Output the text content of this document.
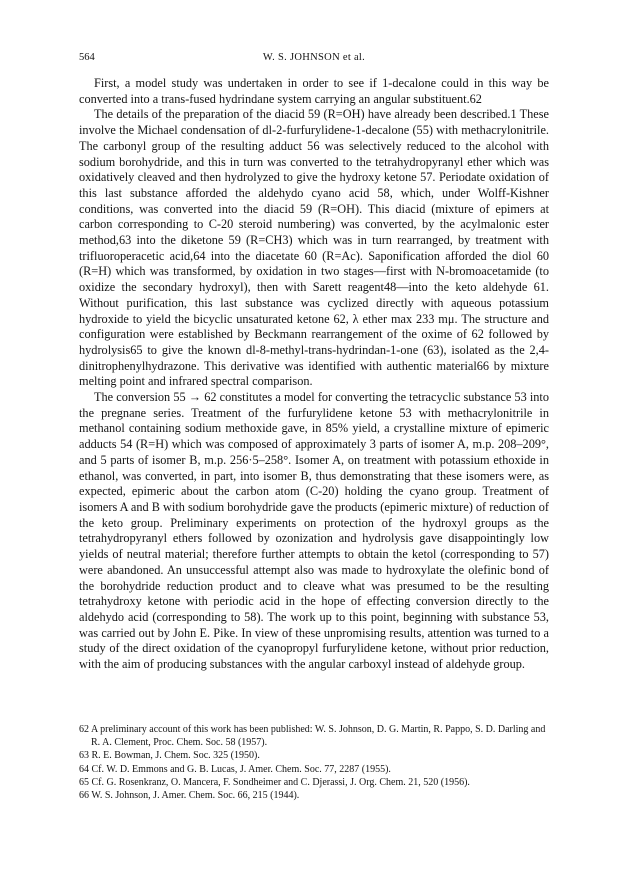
564	W. S. JOHNSON et al.

First, a model study was undertaken in order to see if 1-decalone could in this way be converted into a trans-fused hydrindane system carrying an angular substituent.62

The details of the preparation of the diacid 59 (R=OH) have already been described.1 These involve the Michael condensation of dl-2-furfurylidene-1-decalone (55) with methacrylonitrile. The carbonyl group of the resulting adduct 56 was selectively reduced to the alcohol with sodium borohydride, and this in turn was converted to the tetrahydropyranyl ether which was oxidatively cleaved and then hydrolyzed to give the hydroxy ketone 57. Periodate oxidation of this last substance afforded the aldehydo cyano acid 58, which, under Wolff-Kishner conditions, was converted into the diacid 59 (R=OH). This diacid (mixture of epimers at carbon corresponding to C-20 steroid numbering) was converted, by the acylmalonic ester method,63 into the diketone 59 (R=CH3) which was in turn rearranged, by treatment with trifluoroperacetic acid,64 into the diacetate 60 (R=Ac). Saponification afforded the diol 60 (R=H) which was transformed, by oxidation in two stages—first with N-bromoacetamide (to oxidize the secondary hydroxyl), then with Sarett reagent48—into the keto aldehyde 61. Without purification, this last substance was cyclized directly with aqueous potassium hydroxide to yield the bicyclic unsaturated ketone 62, λ ether max 233 mμ. The structure and configuration were established by Beckmann rearrangement of the oxime of 62 followed by hydrolysis65 to give the known dl-8-methyl-trans-hydrindan-1-one (63), isolated as the 2,4-dinitrophenylhydrazone. This derivative was identified with authentic material66 by mixture melting point and infrared spectral comparison.

The conversion 55 → 62 constitutes a model for converting the tetracyclic substance 53 into the pregnane series. Treatment of the furfurylidene ketone 53 with methacrylonitrile in methanol containing sodium methoxide gave, in 85% yield, a crystalline mixture of epimeric adducts 54 (R=H) which was composed of approximately 3 parts of isomer A, m.p. 208–209°, and 5 parts of isomer B, m.p. 256·5–258°. Isomer A, on treatment with potassium ethoxide in ethanol, was converted, in part, into isomer B, thus demonstrating that these isomers were, as expected, epimeric about the carbon atom (C-20) holding the cyano group. Treatment of isomers A and B with sodium borohydride gave the products (epimeric mixture) of reduction of the keto group. Preliminary experiments on protection of the hydroxyl groups as the tetrahydropyranyl ethers followed by ozonization and hydrolysis gave disappointingly low yields of neutral material; therefore further attempts to obtain the ketol (corresponding to 57) were abandoned. An unsuccessful attempt also was made to hydroxylate the olefinic bond of the borohydride reduction product and to cleave what was presumed to be the resulting tetrahydroxy ketone with periodic acid in the hope of effecting conversion directly to the aldehydo acid (corresponding to 58). The work up to this point, beginning with substance 53, was carried out by John E. Pike. In view of these unpromising results, attention was turned to a study of the direct oxidation of the cyanopropyl furfurylidene ketone, without prior reduction, with the aim of producing substances with the angular carboxyl instead of aldehyde group.

62 A preliminary account of this work has been published: W. S. Johnson, D. G. Martin, R. Pappo, S. D. Darling and R. A. Clement, Proc. Chem. Soc. 58 (1957).

63 R. E. Bowman, J. Chem. Soc. 325 (1950).

64 Cf. W. D. Emmons and G. B. Lucas, J. Amer. Chem. Soc. 77, 2287 (1955).

65 Cf. G. Rosenkranz, O. Mancera, F. Sondheimer and C. Djerassi, J. Org. Chem. 21, 520 (1956).

66 W. S. Johnson, J. Amer. Chem. Soc. 66, 215 (1944).
